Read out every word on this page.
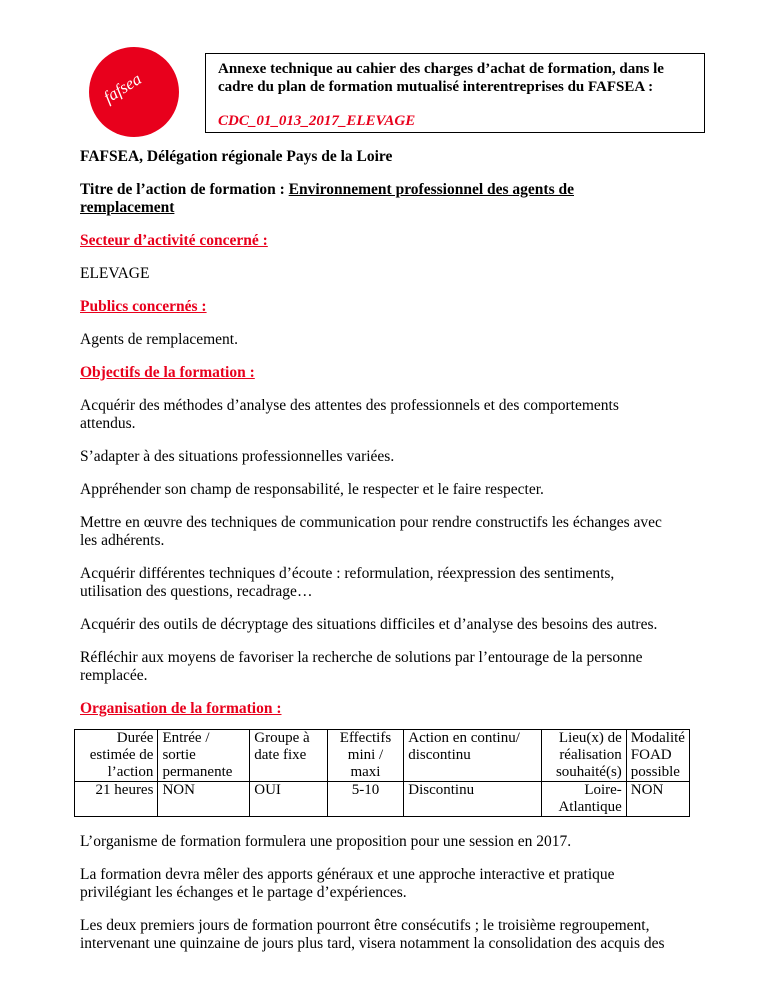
fafsea
Annexe technique au cahier des charges d’achat de formation, dans le
cadre du plan de formation mutualisé interentreprises du FAFSEA :
CDC_01_013_2017_ELEVAGE

FAFSEA, Délégation régionale Pays de la Loire

Titre de l’action de formation : Environnement professionnel des agents de
remplacement

Secteur d’activité concerné :

ELEVAGE

Publics concernés :

Agents de remplacement.

Objectifs de la formation :

Acquérir des méthodes d’analyse des attentes des professionnels et des comportements
attendus.

S’adapter à des situations professionnelles variées.

Appréhender son champ de responsabilité, le respecter et le faire respecter.

Mettre en œuvre des techniques de communication pour rendre constructifs les échanges avec
les adhérents.

Acquérir différentes techniques d’écoute : reformulation, réexpression des sentiments,
utilisation des questions, recadrage…

Acquérir des outils de décryptage des situations difficiles et d’analyse des besoins des autres.

Réfléchir aux moyens de favoriser la recherche de solutions par l’entourage de la personne
remplacée.

Organisation de la formation :

Durée
estimée de
l’action	Entrée /
sortie
permanente	Groupe à
date fixe	Effectifs
mini /
maxi	Action en continu/
discontinu	Lieu(x) de
réalisation
souhaité(s)	Modalité
FOAD
possible
21 heures	NON	OUI	5-10	Discontinu	Loire-
Atlantique	NON

L’organisme de formation formulera une proposition pour une session en 2017.

La formation devra mêler des apports généraux et une approche interactive et pratique
privilégiant les échanges et le partage d’expériences.

Les deux premiers jours de formation pourront être consécutifs ; le troisième regroupement,
intervenant une quinzaine de jours plus tard, visera notamment la consolidation des acquis des
